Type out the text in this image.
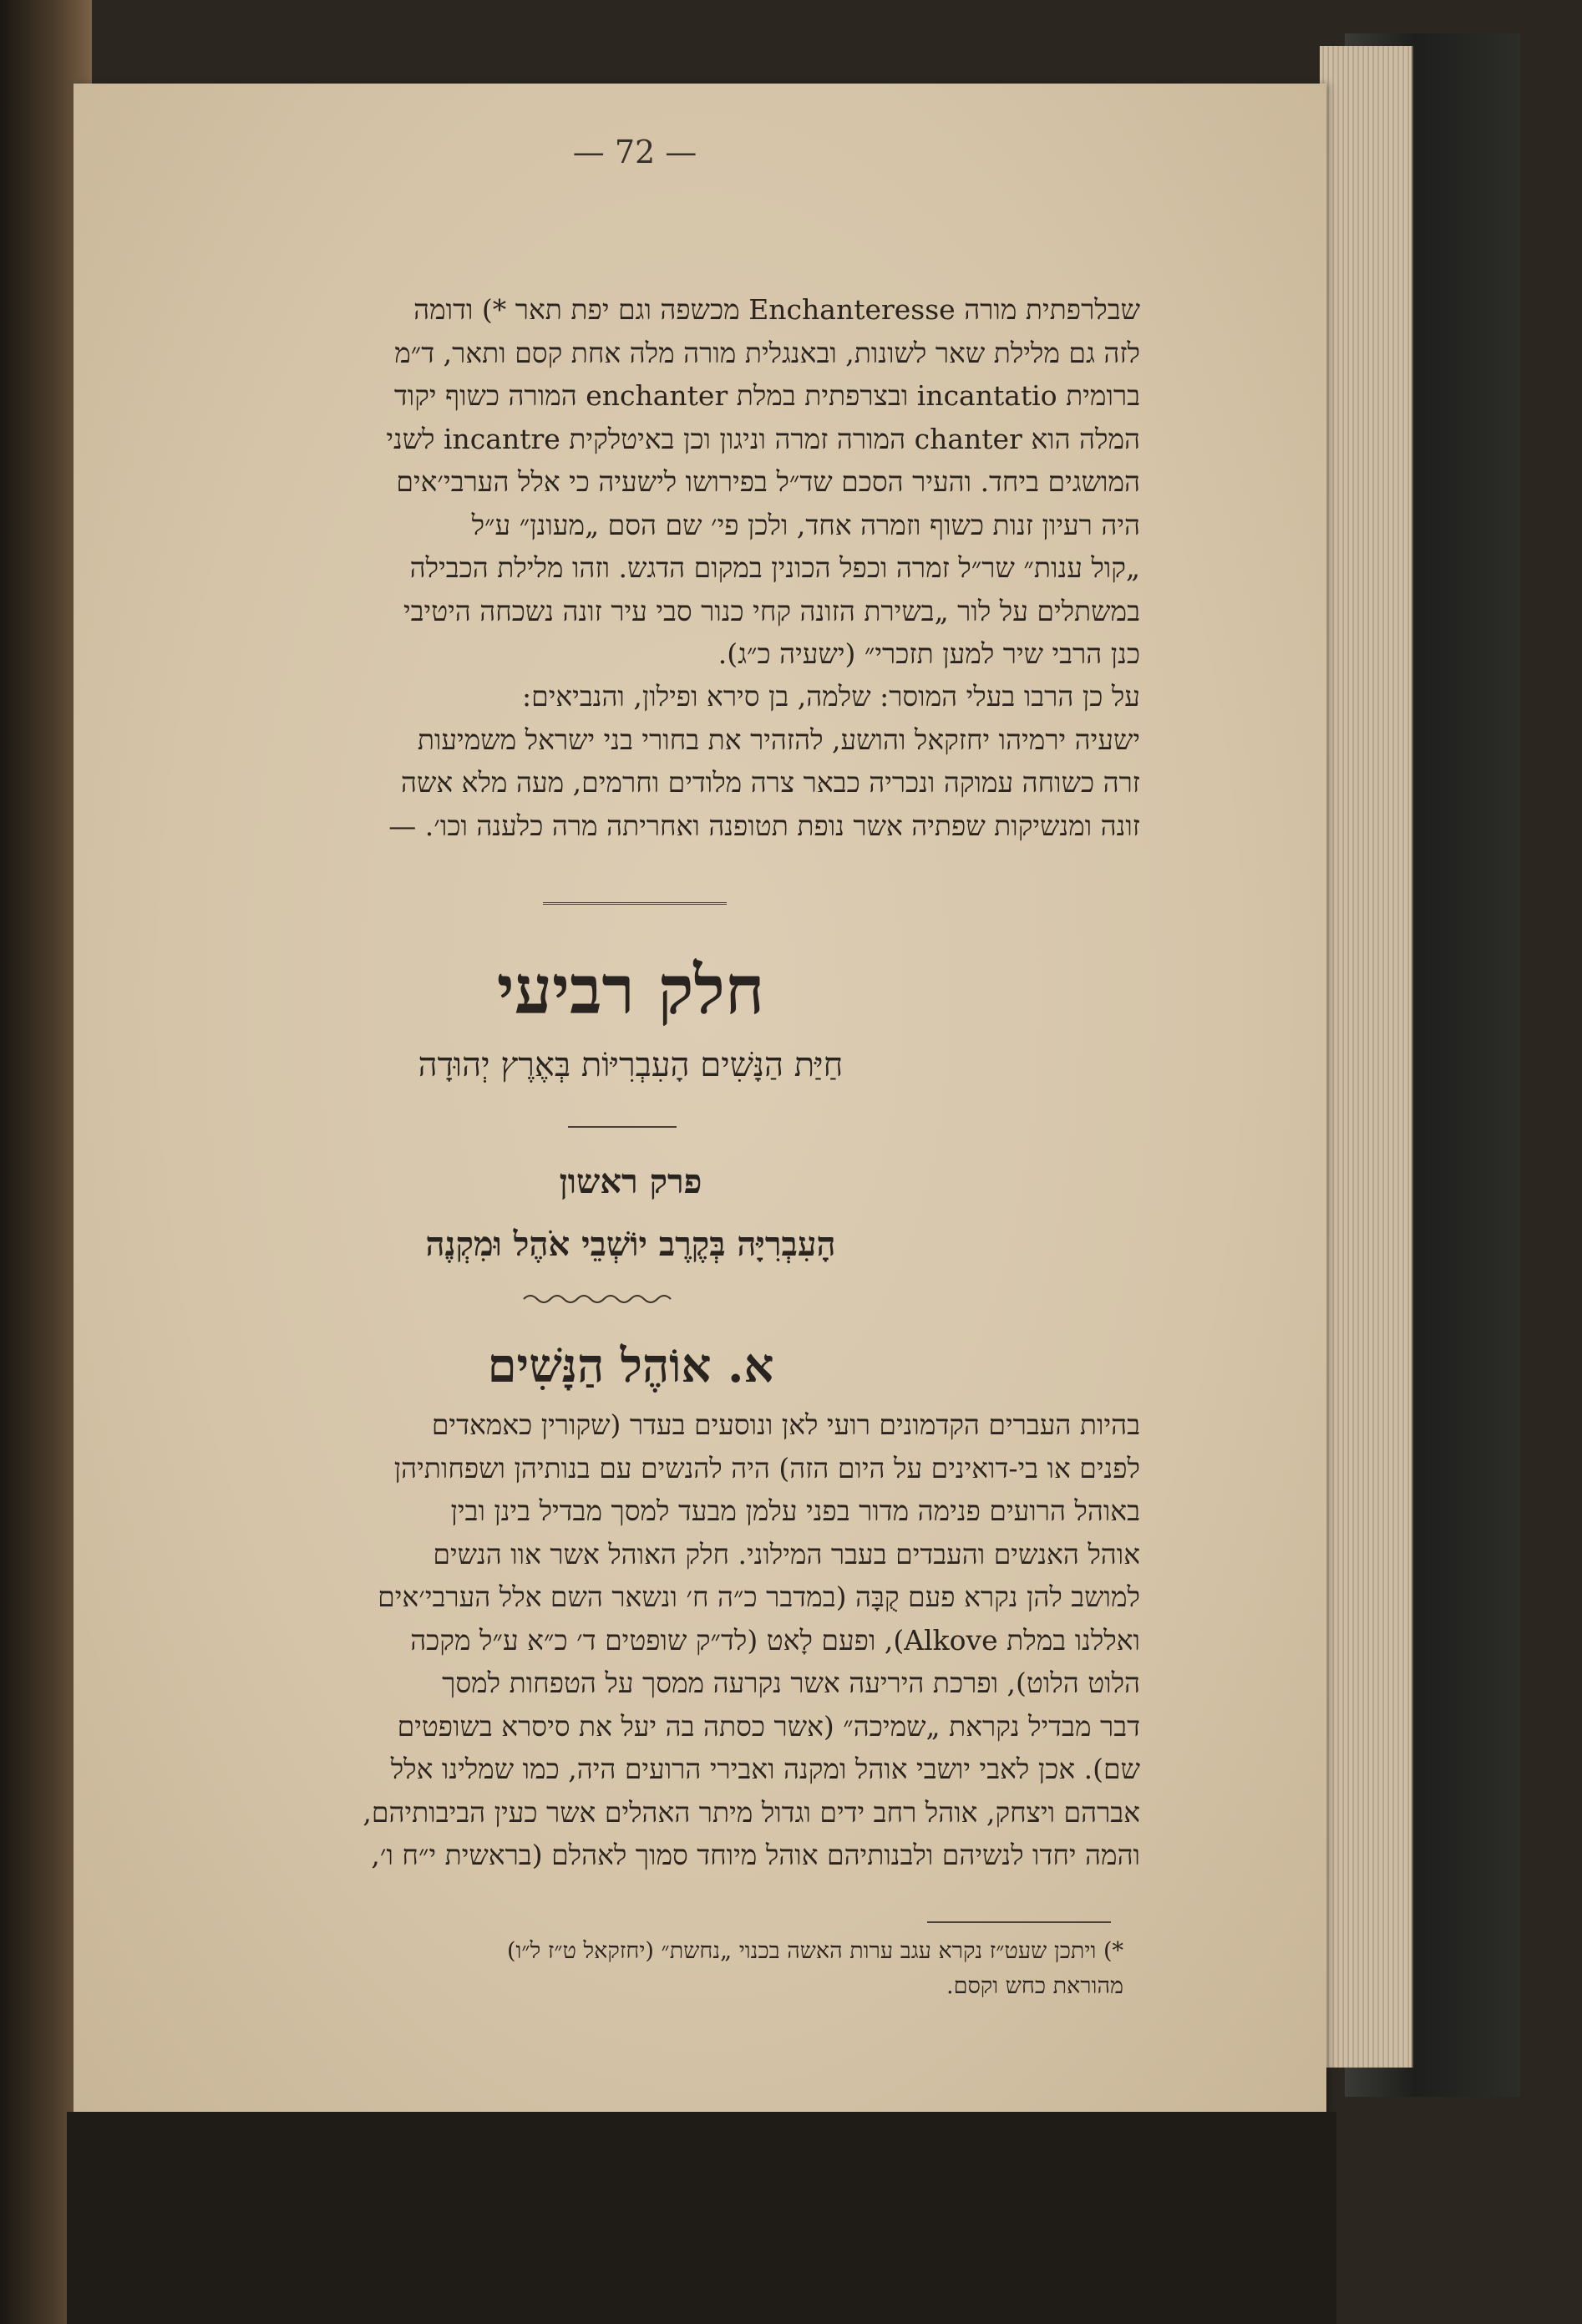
— 72 —
שבלרפתית מורה Enchanteresse מכשפה וגם יפת תאר *) ודומה
לזה גם מלילת שאר לשונות, ובאנגלית מורה מלה אחת קסם ותאר, ד״מ
ברומית incantatio ובצרפתית במלת enchanter המורה כשוף יקוד
המלה הוא chanter המורה זמרה וניגון וכן באיטלקית incantre לשני
המושגים ביחד. והעיר הסכם שד״ל בפירושו לישעיה כי אלל הערבי׳אים
היה רעיון זנות כשוף וזמרה אחד, ולכן פי׳ שם הסם „מעונן״ ע״ל
„קול ענות״ שר״ל זמרה וכפל הכונין במקום הדגש. וזהו מלילת הכבילה
במשתלים על לור „בשירת הזונה קחי כנור סבי עיר זונה נשכחה היטיבי
כנן הרבי שיר למען תזכרי״ (ישעיה כ״ג).
על כן הרבו בעלי המוסר: שלמה, בן סירא ופילון, והנביאים:
ישעיה ירמיהו יחזקאל והושע, להזהיר את בחורי בני ישראל משמיעות
זרה כשוחה עמוקה ונכריה כבאר צרה מלודים וחרמים, מעה מלא אשה
זונה ומנשיקות שפתיה אשר נופת תטופנה ואחריתה מרה כלענה וכו׳. —
חלק רביעי
חַיַּת הַנָּשִׁים הָעִבְרִיּוֹת בְּאֶרֶץ יְהוּדָה
פרק ראשון
הָעִבְרִיָּה בְּקֶרֶב יוֹשְׁבֵי אֹהֶל וּמִקְנֶה
א. אוֹהֶל הַנָּשִׁים
בהיות העברים הקדמונים רועי לאן ונוסעים בעדר (שקורין כאמאדים
לפנים או בי-דואינים על היום הזה) היה להנשים עם בנותיהן ושפחותיהן
באוהל הרועים פנימה מדור בפני עלמן מבעד למסך מבדיל בינן ובין
אוהל האנשים והעבדים בעבר המילוני. חלק האוהל אשר אוו הנשים
למושב להן נקרא פעם קֻבָּה (במדבר כ״ה ח׳ ונשאר השם אלל הערבי׳אים
ואללנו במלת Alkove), ופעם לָאט (לד״ק שופטים ד׳ כ״א ע״ל מקכה
הלוט הלוט), ופרכת היריעה אשר נקרעה ממסך על הטפחות למסך
דבר מבדיל נקראת „שמיכה״ (אשר כסתה בה יעל את סיסרא בשופטים
שם). אכן לאבי יושבי אוהל ומקנה ואבירי הרועים היה, כמו שמלינו אלל
אברהם ויצחק, אוהל רחב ידים וגדול מיתר האהלים אשר כעין הביבותיהם,
והמה יחדו לנשיהם ולבנותיהם אוהל מיוחד סמוך לאהלם (בראשית י״ח ו׳,
*) ויתכן שעט״ז נקרא עגב ערות האשה בכנוי „נחשת״ (יחזקאל ט״ז ל״ו)
מהוראת כחש וקסם.
